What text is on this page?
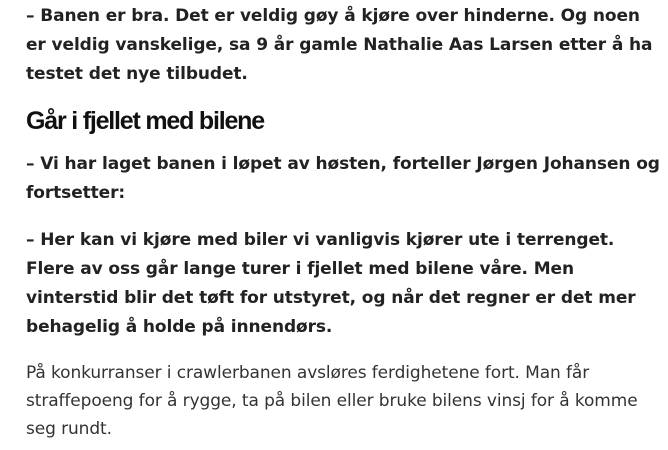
– Banen er bra. Det er veldig gøy å kjøre over hinderne. Og noen er veldig vanskelige, sa 9 år gamle Nathalie Aas Larsen etter å ha testet det nye tilbudet.

Går i fjellet med bilene

– Vi har laget banen i løpet av høsten, forteller Jørgen Johansen og fortsetter:

– Her kan vi kjøre med biler vi vanligvis kjører ute i terrenget. Flere av oss går lange turer i fjellet med bilene våre. Men vinterstid blir det tøft for utstyret, og når det regner er det mer behagelig å holde på innendørs.

På konkurranser i crawlerbanen avsløres ferdighetene fort. Man får straffepoeng for å rygge, ta på bilen eller bruke bilens vinsj for å komme seg rundt.
